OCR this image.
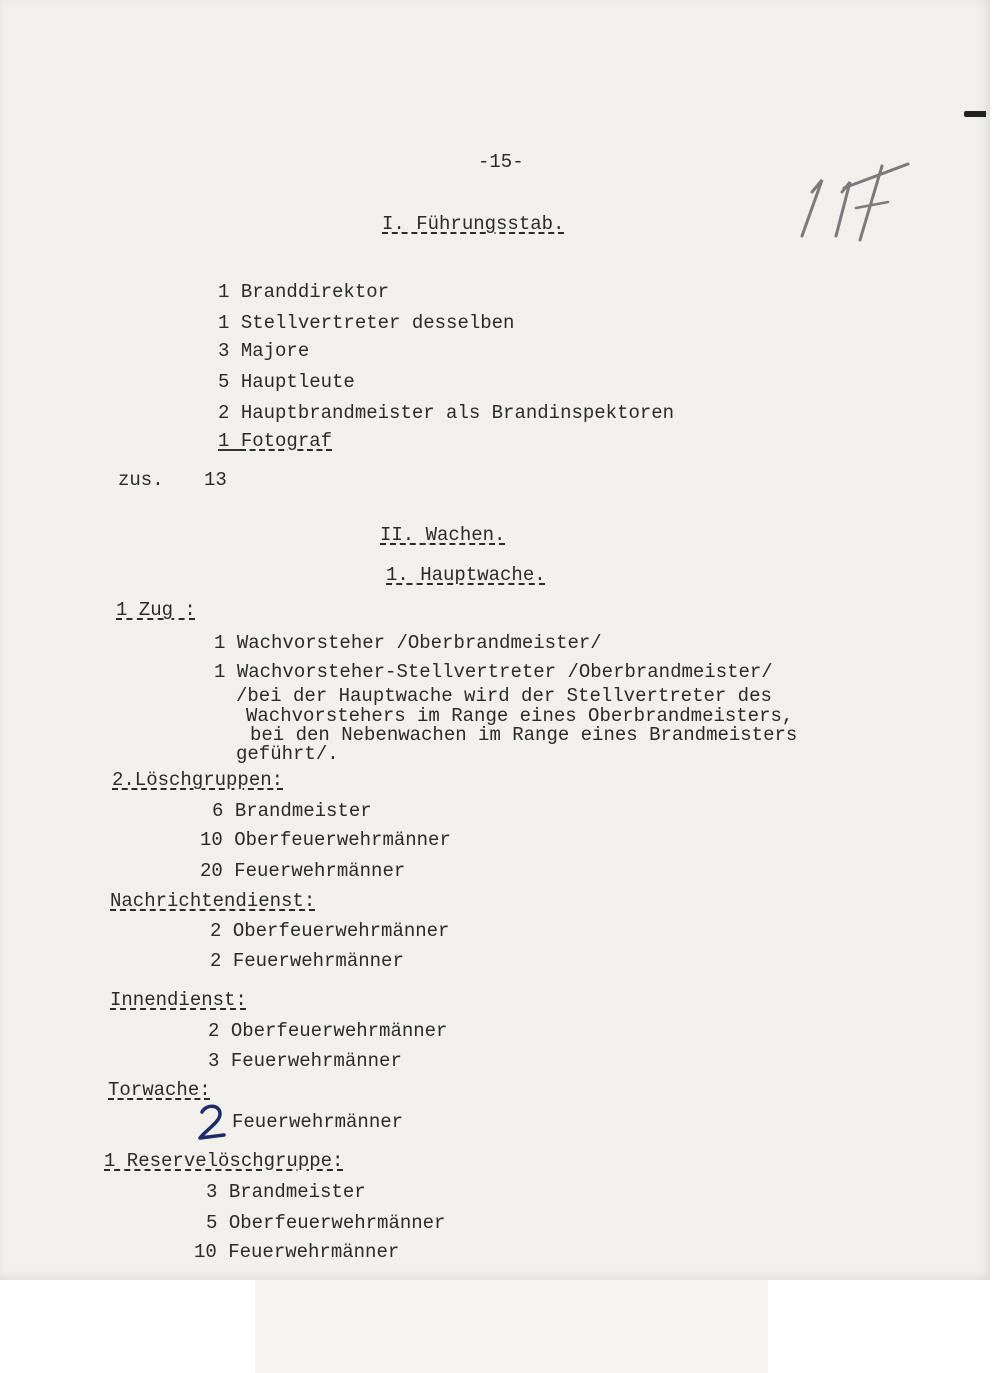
-15-

I. Führungsstab.

1 Branddirektor

1 Stellvertreter desselben

3 Majore

5 Hauptleute

2 Hauptbrandmeister als Brandinspektoren

1 Fotograf

zus. 13

II. Wachen.

1. Hauptwache.

1 Zug :

1 Wachvorsteher /Oberbrandmeister/

1 Wachvorsteher-Stellvertreter /Oberbrandmeister/

/bei der Hauptwache wird der Stellvertreter des

Wachvorstehers im Range eines Oberbrandmeisters,

bei den Nebenwachen im Range eines Brandmeisters

geführt/.

2.Löschgruppen:

6 Brandmeister

10 Oberfeuerwehrmänner

20 Feuerwehrmänner

Nachrichtendienst:

2 Oberfeuerwehrmänner

2 Feuerwehrmänner

Innendienst:

2 Oberfeuerwehrmänner

3 Feuerwehrmänner

Torwache:

Feuerwehrmänner

1 Reservelöschgruppe:

3 Brandmeister

5 Oberfeuerwehrmänner

10 Feuerwehrmänner
